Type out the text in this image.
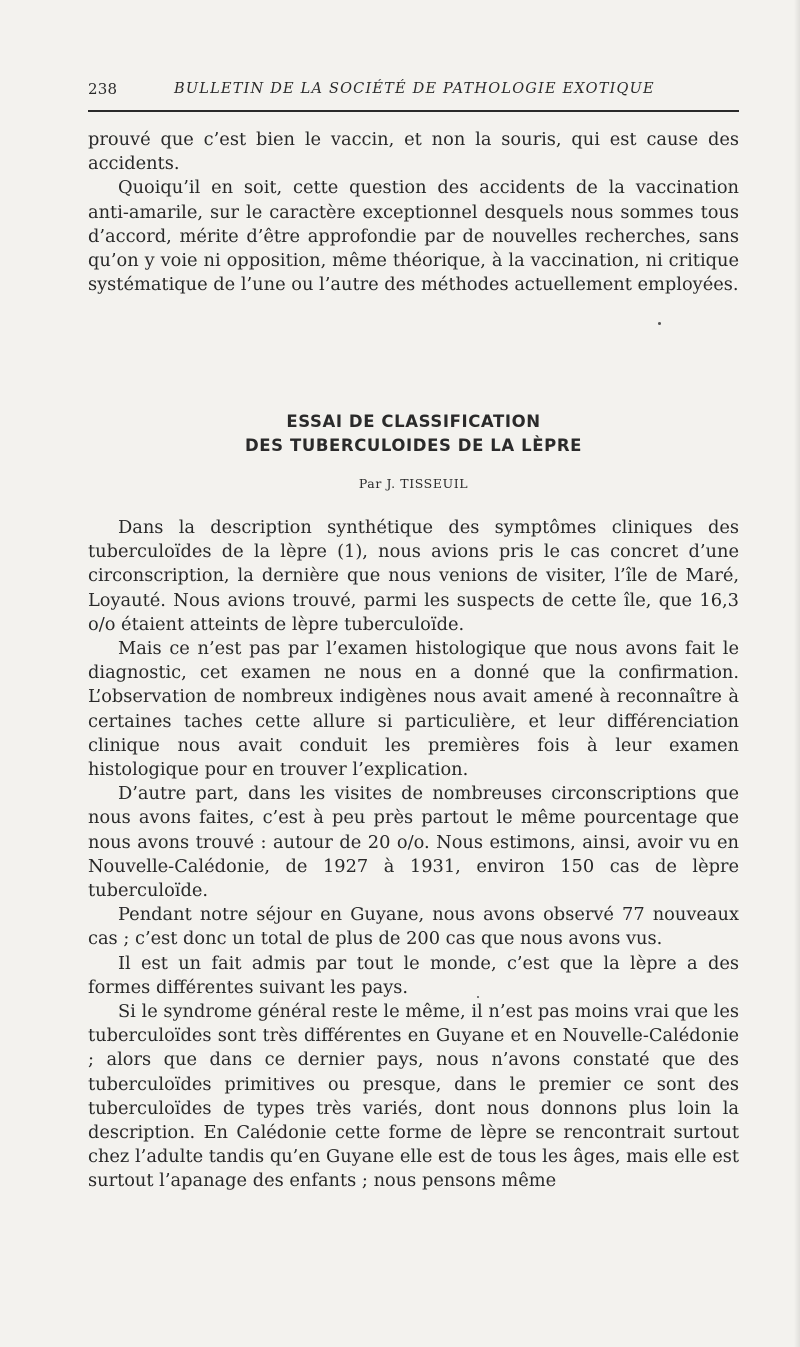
238	BULLETIN DE LA SOCIÉTÉ DE PATHOLOGIE EXOTIQUE

prouvé que c’est bien le vaccin, et non la souris, qui est cause des accidents.

Quoiqu’il en soit, cette question des accidents de la vaccination anti-amarile, sur le caractère exceptionnel desquels nous sommes tous d’accord, mérite d’être approfondie par de nouvelles recherches, sans qu’on y voie ni opposition, même théorique, à la vaccination, ni critique systématique de l’une ou l’autre des méthodes actuellement employées.

ESSAI DE CLASSIFICATION
DES TUBERCULOIDES DE LA LÈPRE
Par J. TISSEUIL

Dans la description synthétique des symptômes cliniques des tuberculoïdes de la lèpre (1), nous avions pris le cas concret d’une circonscription, la dernière que nous venions de visiter, l’île de Maré, Loyauté. Nous avions trouvé, parmi les suspects de cette île, que 16,3 o/o étaient atteints de lèpre tuberculoïde.

Mais ce n’est pas par l’examen histologique que nous avons fait le diagnostic, cet examen ne nous en a donné que la confirmation. L’observation de nombreux indigènes nous avait amené à reconnaître à certaines taches cette allure si particulière, et leur différenciation clinique nous avait conduit les premières fois à leur examen histologique pour en trouver l’explication.

D’autre part, dans les visites de nombreuses circonscriptions que nous avons faites, c’est à peu près partout le même pourcentage que nous avons trouvé : autour de 20 o/o. Nous estimons, ainsi, avoir vu en Nouvelle-Calédonie, de 1927 à 1931, environ 150 cas de lèpre tuberculoïde.

Pendant notre séjour en Guyane, nous avons observé 77 nouveaux cas ; c’est donc un total de plus de 200 cas que nous avons vus.

Il est un fait admis par tout le monde, c’est que la lèpre a des formes différentes suivant les pays.

Si le syndrome général reste le même, il n’est pas moins vrai que les tuberculoïdes sont très différentes en Guyane et en Nouvelle-Calédonie ; alors que dans ce dernier pays, nous n’avons constaté que des tuberculoïdes primitives ou presque, dans le premier ce sont des tuberculoïdes de types très variés, dont nous donnons plus loin la description. En Calédonie cette forme de lèpre se rencontrait surtout chez l’adulte tandis qu’en Guyane elle est de tous les âges, mais elle est surtout l’apanage des enfants ; nous pensons même
